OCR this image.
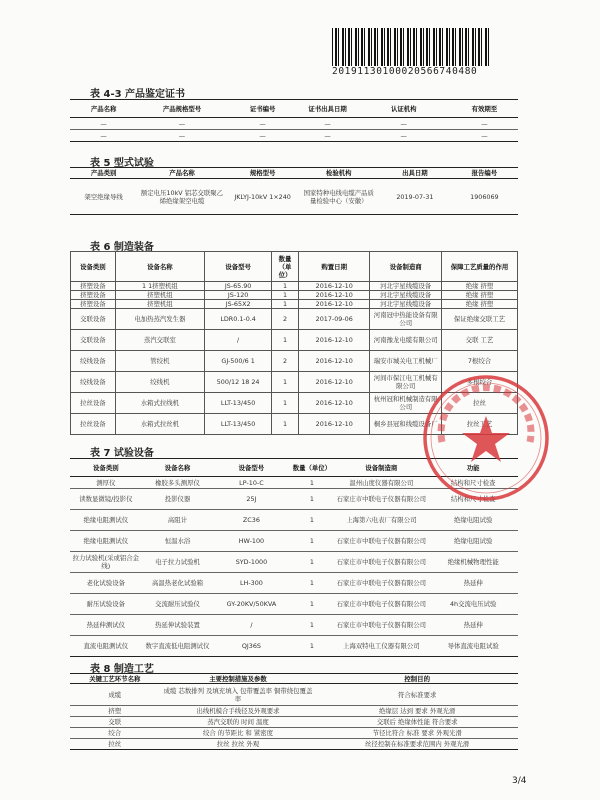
20191130100020566740480
表 4-3 产品鉴定证书
产品名称	产品规格型号	证书编号	证书出具日期	认证机构	有效期至
—	—	—	—	—	—
—	—	—	—	—	—
表 5 型式试验
产品类别	产品名称	规格型号	检验机构	出具日期	报告编号
架空绝缘导线	额定电压10kV 铝芯交联聚乙烯绝缘架空电缆	JKLYJ-10kV 1×240	国家特种电线电缆产品质量检验中心（安徽）	2019-07-31	1906069
表 6 制造装备
设备类别	设备名称	设备型号	数量（单位）	购置日期	设备制造商	保障工艺质量的作用
挤塑设备	1 1挤塑机组	JS-65.90	1	2016-12-10	河北宇星线缆设备	绝缘 挤塑
挤塑设备	挤塑机组	JS-120	1	2016-12-10	河北宇星线缆设备	绝缘 挤塑
挤塑设备	挤塑机组	JS-65X2	1	2016-12-10	河北宇星线缆设备	绝缘 挤塑
交联设备	电加热蒸汽发生器	LDR0.1-0.4	2	2017-09-06	河南冠中热能设备有限公司	保证绝缘交联工艺
交联设备	蒸汽交联室	/	1	2016-12-10	河南豫龙电缆有限公司	交联 工艺
绞线设备	管绞机	GJ-500/6 1	2	2016-12-10	瑞安市城关电工机械厂	7根绞合
绞线设备	绞线机	500/12 18 24	1	2016-12-10	河间市保江电工机械有限公司	多根绞合
拉丝设备	水箱式拉线机	LLT-13/450	1	2016-12-10	杭州冠和机械制造有限公司	拉丝
拉丝设备	水箱式拉丝机	LLT-13/450	1	2016-12-10	桐乡县冠和线缆设备厂	拉丝工艺
表 7 试验设备
设备类别	设备名称	设备型号	数量（单位）	设备制造商	功能
测厚仪	橡胶多头测厚仪	LP-10-C	1	温州山度仪器有限公司	结构和尺寸检查
读数显微镜/投影仪	投影仪器	25J	1	石家庄市中联电子仪器有限公司	结构和尺寸检查
绝缘电阻测试仪	高阻计	ZC36	1	上海第六电表厂有限公司	绝缘电阻试验
绝缘电阻测试仪	恒温水浴	HW-100	1	石家庄市中联电子仪器有限公司	绝缘电阻试验
拉力试验机(采或铝合金线)	电子拉力试验机	SYD-1000	1	石家庄市中联电子仪器有限公司	绝缘机械物理性能
老化试验设备	高温热老化试验箱	LH-300	1	石家庄市中联电子仪器有限公司	热延伸
耐压试验设备	交流耐压试验仪	GY-20KV/50KVA	1	石家庄市中联电子仪器有限公司	4h交流电压试验
热延伸测试仪	热延伸试验装置	/	1	石家庄市中联电子仪器有限公司	热延伸
直流电阻测试仪	数字直流低电阻测试仪	QJ36S	1	上海双特电工仪器有限公司	导体直流电阻试验
表 8 制造工艺
关键工艺环节名称	主要控制措施及参数	控制目的
成缆	成缆 芯数排列 及填充填入 包带覆盖率 铜带绕包覆盖率	符合标准要求
挤塑	出线机模合手线径及外观要求	绝缘层 达到 要求 外观光滑
交联	蒸汽交联的 时间 温度	交联后 绝缘体性能 符合要求
绞合	绞合 的节距比 和 紧密度	节径比符合 标准 要求 外观光滑
拉丝	拉丝 拉丝 外观	丝径控制在标准要求范围内 外观光滑
3/4
